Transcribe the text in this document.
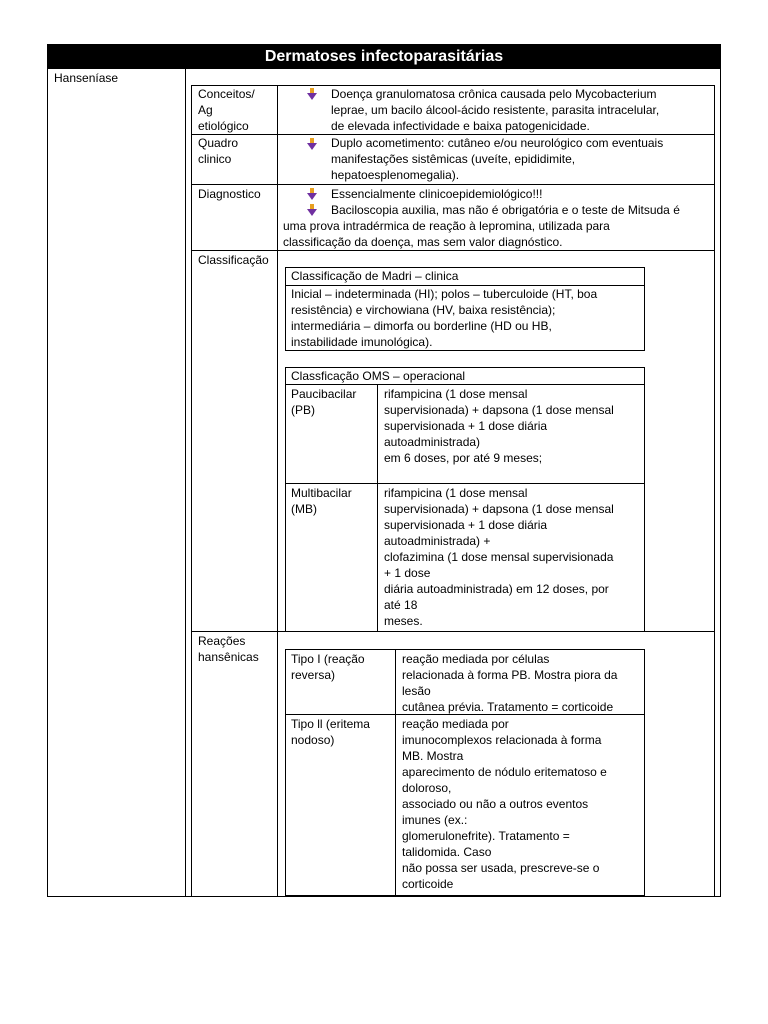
Dermatoses infectoparasitárias
Hanseníase
Conceitos/
Ag
etiológico
Quadro
clinico
Diagnostico
Classificação
Reações
hansênicas
Doença granulomatosa crônica causada pelo Mycobacterium
leprae, um bacilo álcool-ácido resistente, parasita intracelular,
de elevada infectividade e baixa patogenicidade.
Duplo acometimento: cutâneo e/ou neurológico com eventuais
manifestações sistêmicas (uveíte, epididimite,
hepatoesplenomegalia).
Essencialmente clinicoepidemiológico!!!
Baciloscopia auxilia, mas não é obrigatória e o teste de Mitsuda é
uma prova intradérmica de reação à lepromina, utilizada para
classificação da doença, mas sem valor diagnóstico.
Classificação de Madri – clinica
Inicial – indeterminada (HI); polos – tuberculoide (HT, boa
resistência) e virchowiana (HV, baixa resistência);
intermediária – dimorfa ou borderline (HD ou HB,
instabilidade imunológica).
Classficação OMS – operacional
Paucibacilar
(PB)
rifampicina (1 dose mensal
supervisionada) + dapsona (1 dose mensal
supervisionada + 1 dose diária
autoadministrada)
em 6 doses, por até 9 meses;
Multibacilar
(MB)
rifampicina (1 dose mensal
supervisionada) + dapsona (1 dose mensal
supervisionada + 1 dose diária
autoadministrada) +
clofazimina (1 dose mensal supervisionada
+ 1 dose
diária autoadministrada) em 12 doses, por
até 18
meses.
Tipo I (reação
reversa)
reação mediada por células
relacionada à forma PB. Mostra piora da
lesão
cutânea prévia. Tratamento = corticoide
Tipo ll (eritema
nodoso)
reação mediada por
imunocomplexos relacionada à forma
MB. Mostra
aparecimento de nódulo eritematoso e
doloroso,
associado ou não a outros eventos
imunes (ex.:
glomerulonefrite). Tratamento =
talidomida. Caso
não possa ser usada, prescreve-se o
corticoide
